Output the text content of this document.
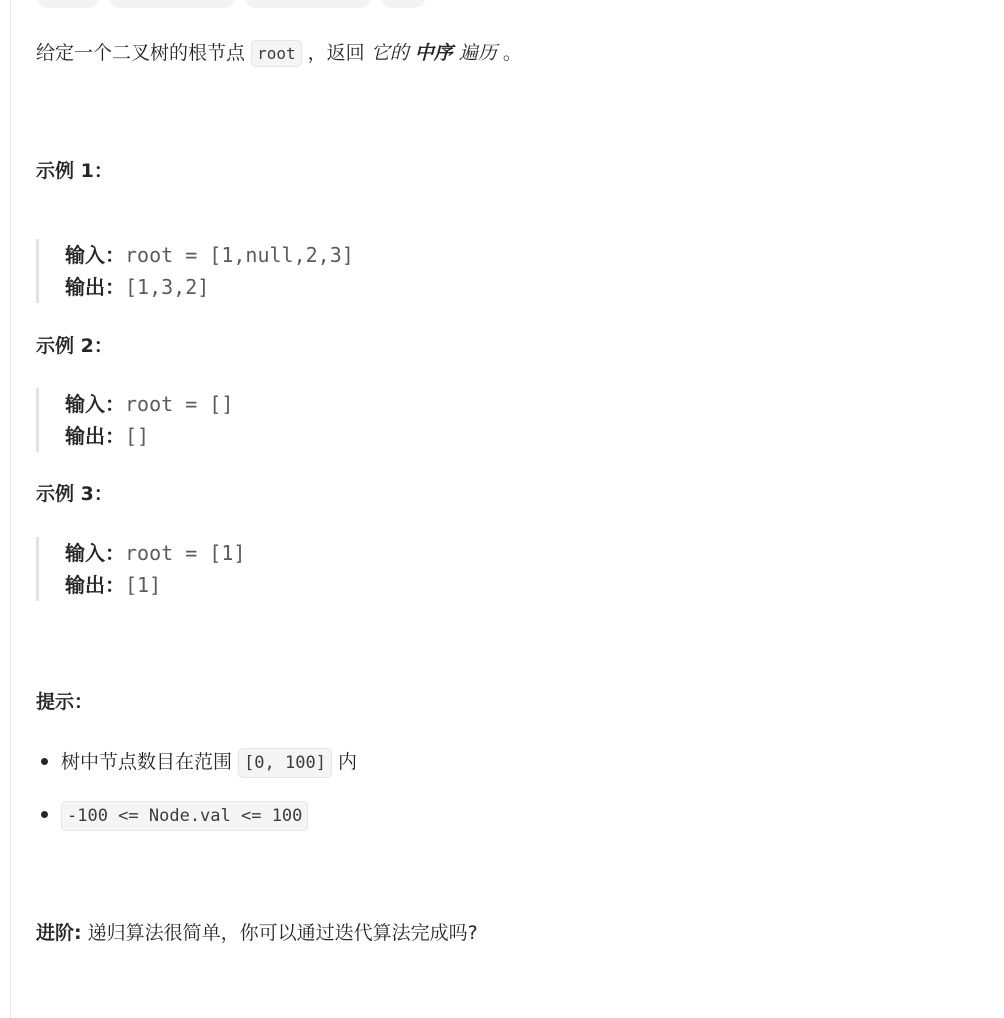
给定一个二叉树的根节点 root ，返回 它的 中序 遍历 。
示例 1：
输入：root = [1,null,2,3]
输出：[1,3,2]
示例 2：
输入：root = []
输出：[]
示例 3：
输入：root = [1]
输出：[1]
提示：
树中节点数目在范围 [0, 100] 内
-100 <= Node.val <= 100
进阶: 递归算法很简单，你可以通过迭代算法完成吗?
